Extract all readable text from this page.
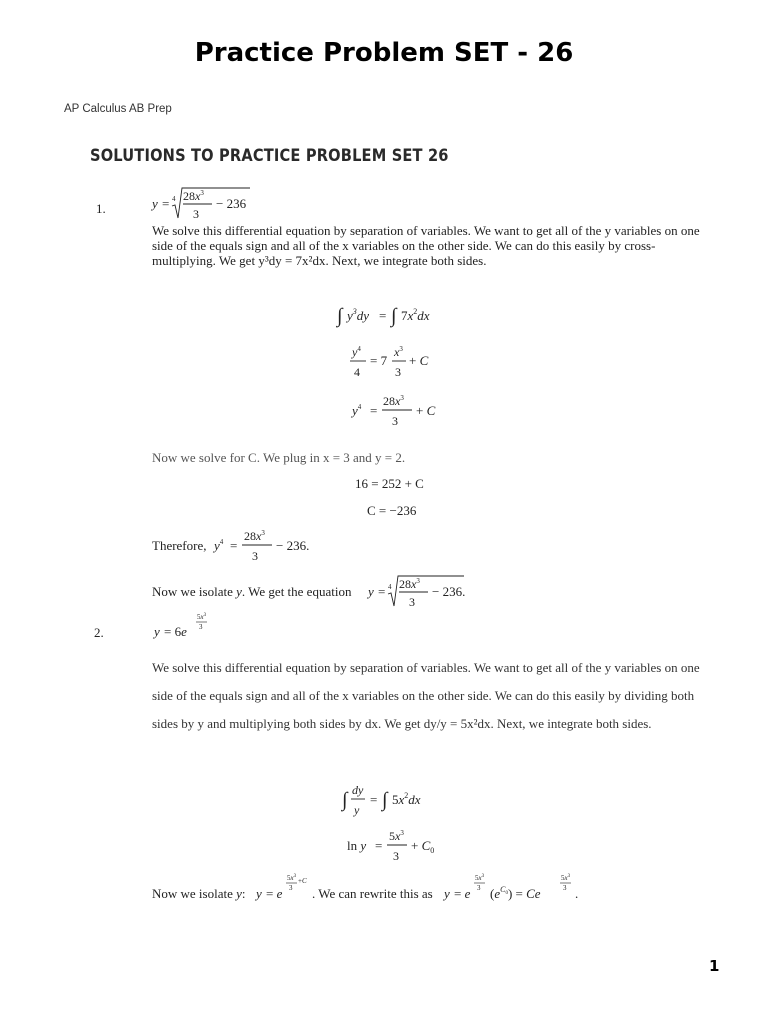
Practice Problem SET - 26
AP Calculus AB Prep
SOLUTIONS TO PRACTICE PROBLEM SET 26
1.	y = 4 $28x^3$
3
− 236
We solve this differential equation by separation of variables. We want to get all of the y variables on one side of the equals sign and all of the x variables on the other side. We can do this easily by cross-multiplying. We get y³dy = 7x²dx. Next, we integrate both sides.
∫ $y^3dy$ = ∫ $7x^2dx$
$y^4$
4
= 7
$x^3$
3
+ C
$y^4$ =
$28x^3$
3
+ C
Now we solve for C. We plug in x = 3 and y = 2.
16 = 252 + C
C = −236
Therefore, $y^4$ =
$28x^3$
3
− 236.
Now we isolate y. We get the equation y = 4 $28x^3$
3
− 236.
2.	y = 6e
$5x^3$
3
We solve this differential equation by separation of variables. We want to get all of the y variables on one side of the equals sign and all of the x variables on the other side. We can do this easily by dividing both sides by y and multiplying both sides by dx. We get dy/y = 5x²dx. Next, we integrate both sides.
∫ dy
y
= ∫ $5x^2dx$
ln y =
$5x^3$
3
+ $C_0$
Now we isolate y: y = e
$5x^3$
3
+C
. We can rewrite this as y = e
$5x^3$
3 $(e^C0) = Ce$
$5x^3$
3 .
1
